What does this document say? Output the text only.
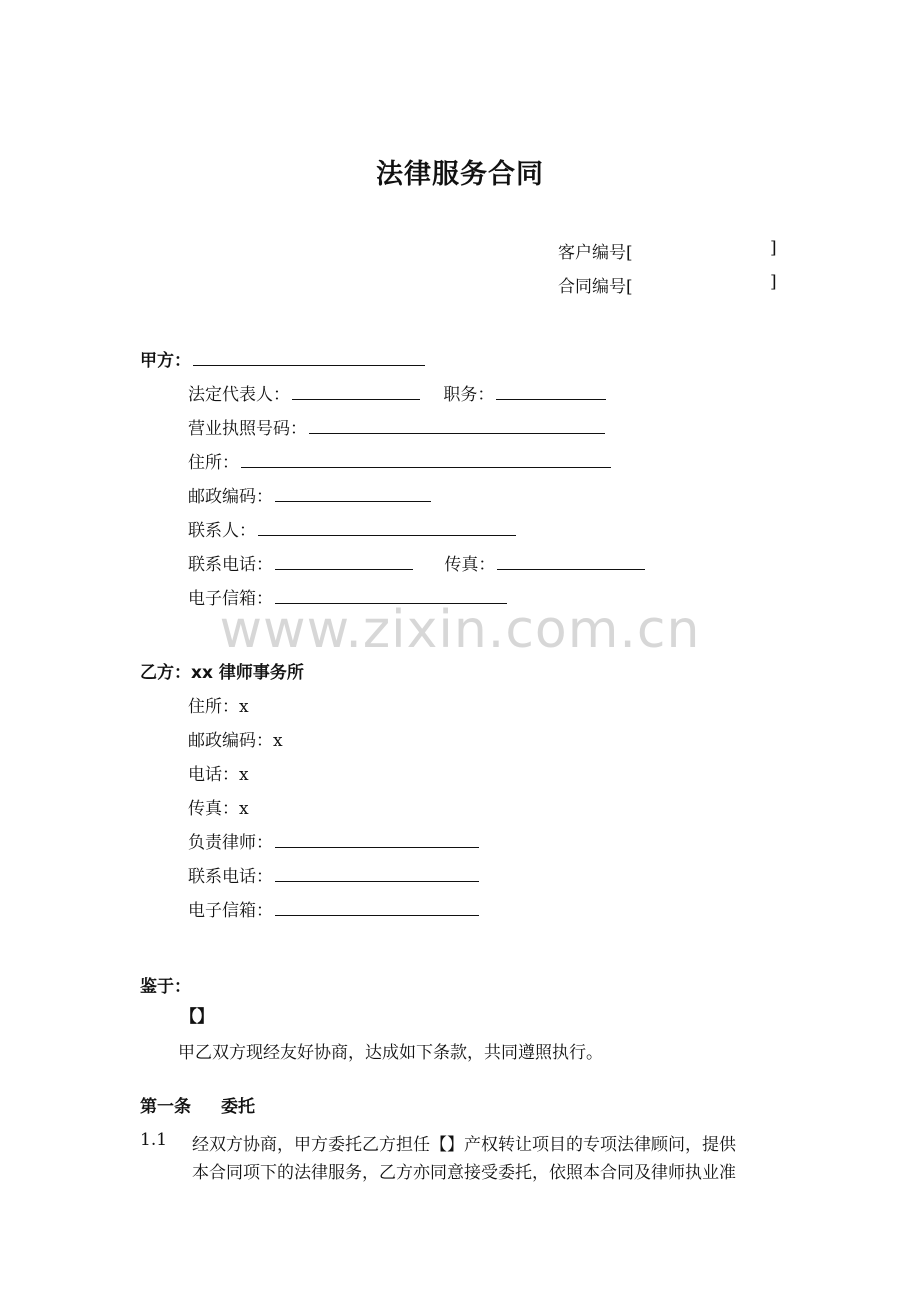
法律服务合同
客户编号[	]
合同编号[	]
甲方：
法定代表人：	职务：
营业执照号码：
住所：
邮政编码：
联系人：
联系电话：	传真：
电子信箱：
www.zixin.com.cn
乙方：xx 律师事务所
住所：x
邮政编码：x
电话：x
传真：x
负责律师：
联系电话：
电子信箱：
鉴于：
【】
甲乙双方现经友好协商，达成如下条款，共同遵照执行。
第一条 委托
1.1 经双方协商，甲方委托乙方担任【】产权转让项目的专项法律顾问，提供
本合同项下的法律服务，乙方亦同意接受委托，依照本合同及律师执业准
